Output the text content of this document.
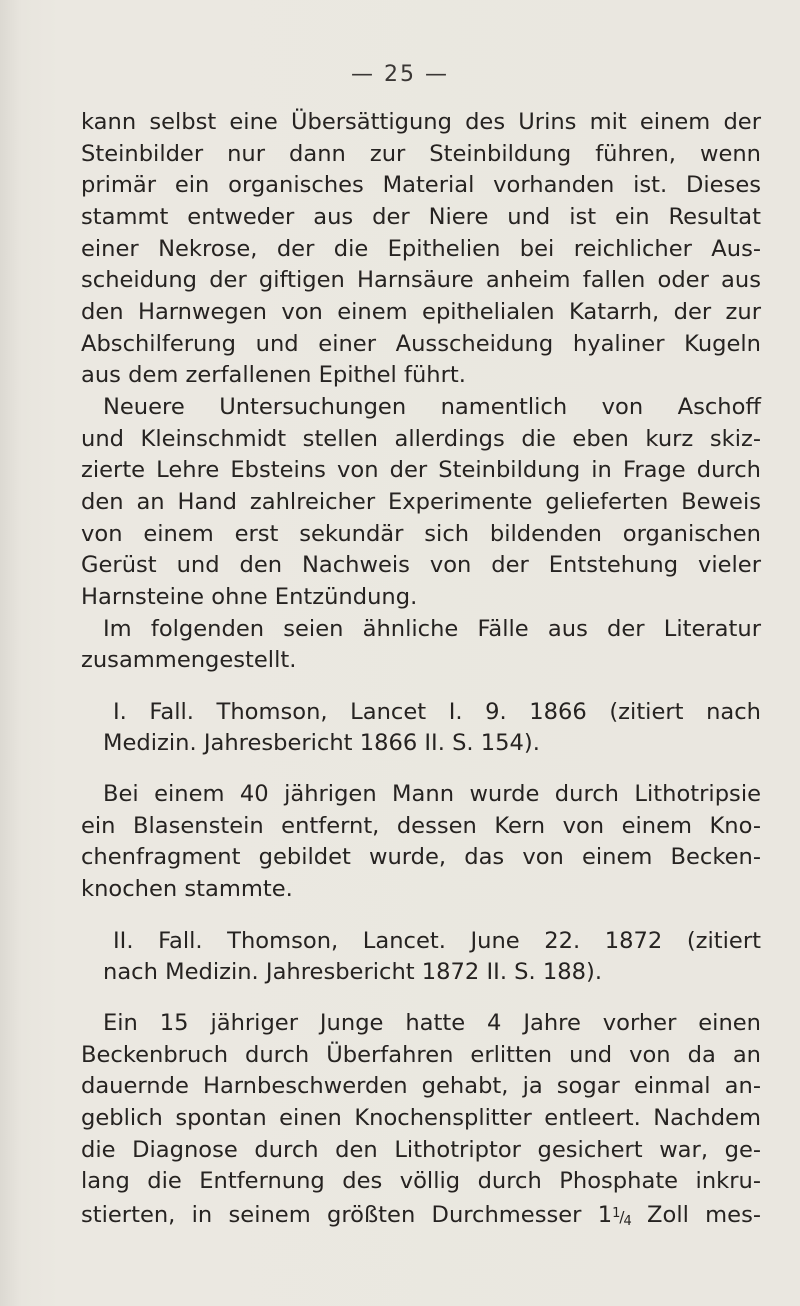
— 25 —
kann selbst eine Übersättigung des Urins mit einem der
Steinbilder nur dann zur Steinbildung führen, wenn
primär ein organisches Material vorhanden ist. Dieses
stammt entweder aus der Niere und ist ein Resultat
einer Nekrose, der die Epithelien bei reichlicher Aus-
scheidung der giftigen Harnsäure anheim fallen oder aus
den Harnwegen von einem epithelialen Katarrh, der zur
Abschilferung und einer Ausscheidung hyaliner Kugeln
aus dem zerfallenen Epithel führt.
Neuere Untersuchungen namentlich von Aschoff
und Kleinschmidt stellen allerdings die eben kurz skiz-
zierte Lehre Ebsteins von der Steinbildung in Frage durch
den an Hand zahlreicher Experimente gelieferten Beweis
von einem erst sekundär sich bildenden organischen
Gerüst und den Nachweis von der Entstehung vieler
Harnsteine ohne Entzündung.
Im folgenden seien ähnliche Fälle aus der Literatur
zusammengestellt.
I. Fall. Thomson, Lancet I. 9. 1866 (zitiert nach
Medizin. Jahresbericht 1866 II. S. 154).
Bei einem 40 jährigen Mann wurde durch Lithotripsie
ein Blasenstein entfernt, dessen Kern von einem Kno-
chenfragment gebildet wurde, das von einem Becken-
knochen stammte.
II. Fall. Thomson, Lancet. June 22. 1872 (zitiert
nach Medizin. Jahresbericht 1872 II. S. 188).
Ein 15 jähriger Junge hatte 4 Jahre vorher einen
Beckenbruch durch Überfahren erlitten und von da an
dauernde Harnbeschwerden gehabt, ja sogar einmal an-
geblich spontan einen Knochensplitter entleert. Nachdem
die Diagnose durch den Lithotriptor gesichert war, ge-
lang die Entfernung des völlig durch Phosphate inkru-
stierten, in seinem größten Durchmesser $1^1/_4$ Zoll mes-
